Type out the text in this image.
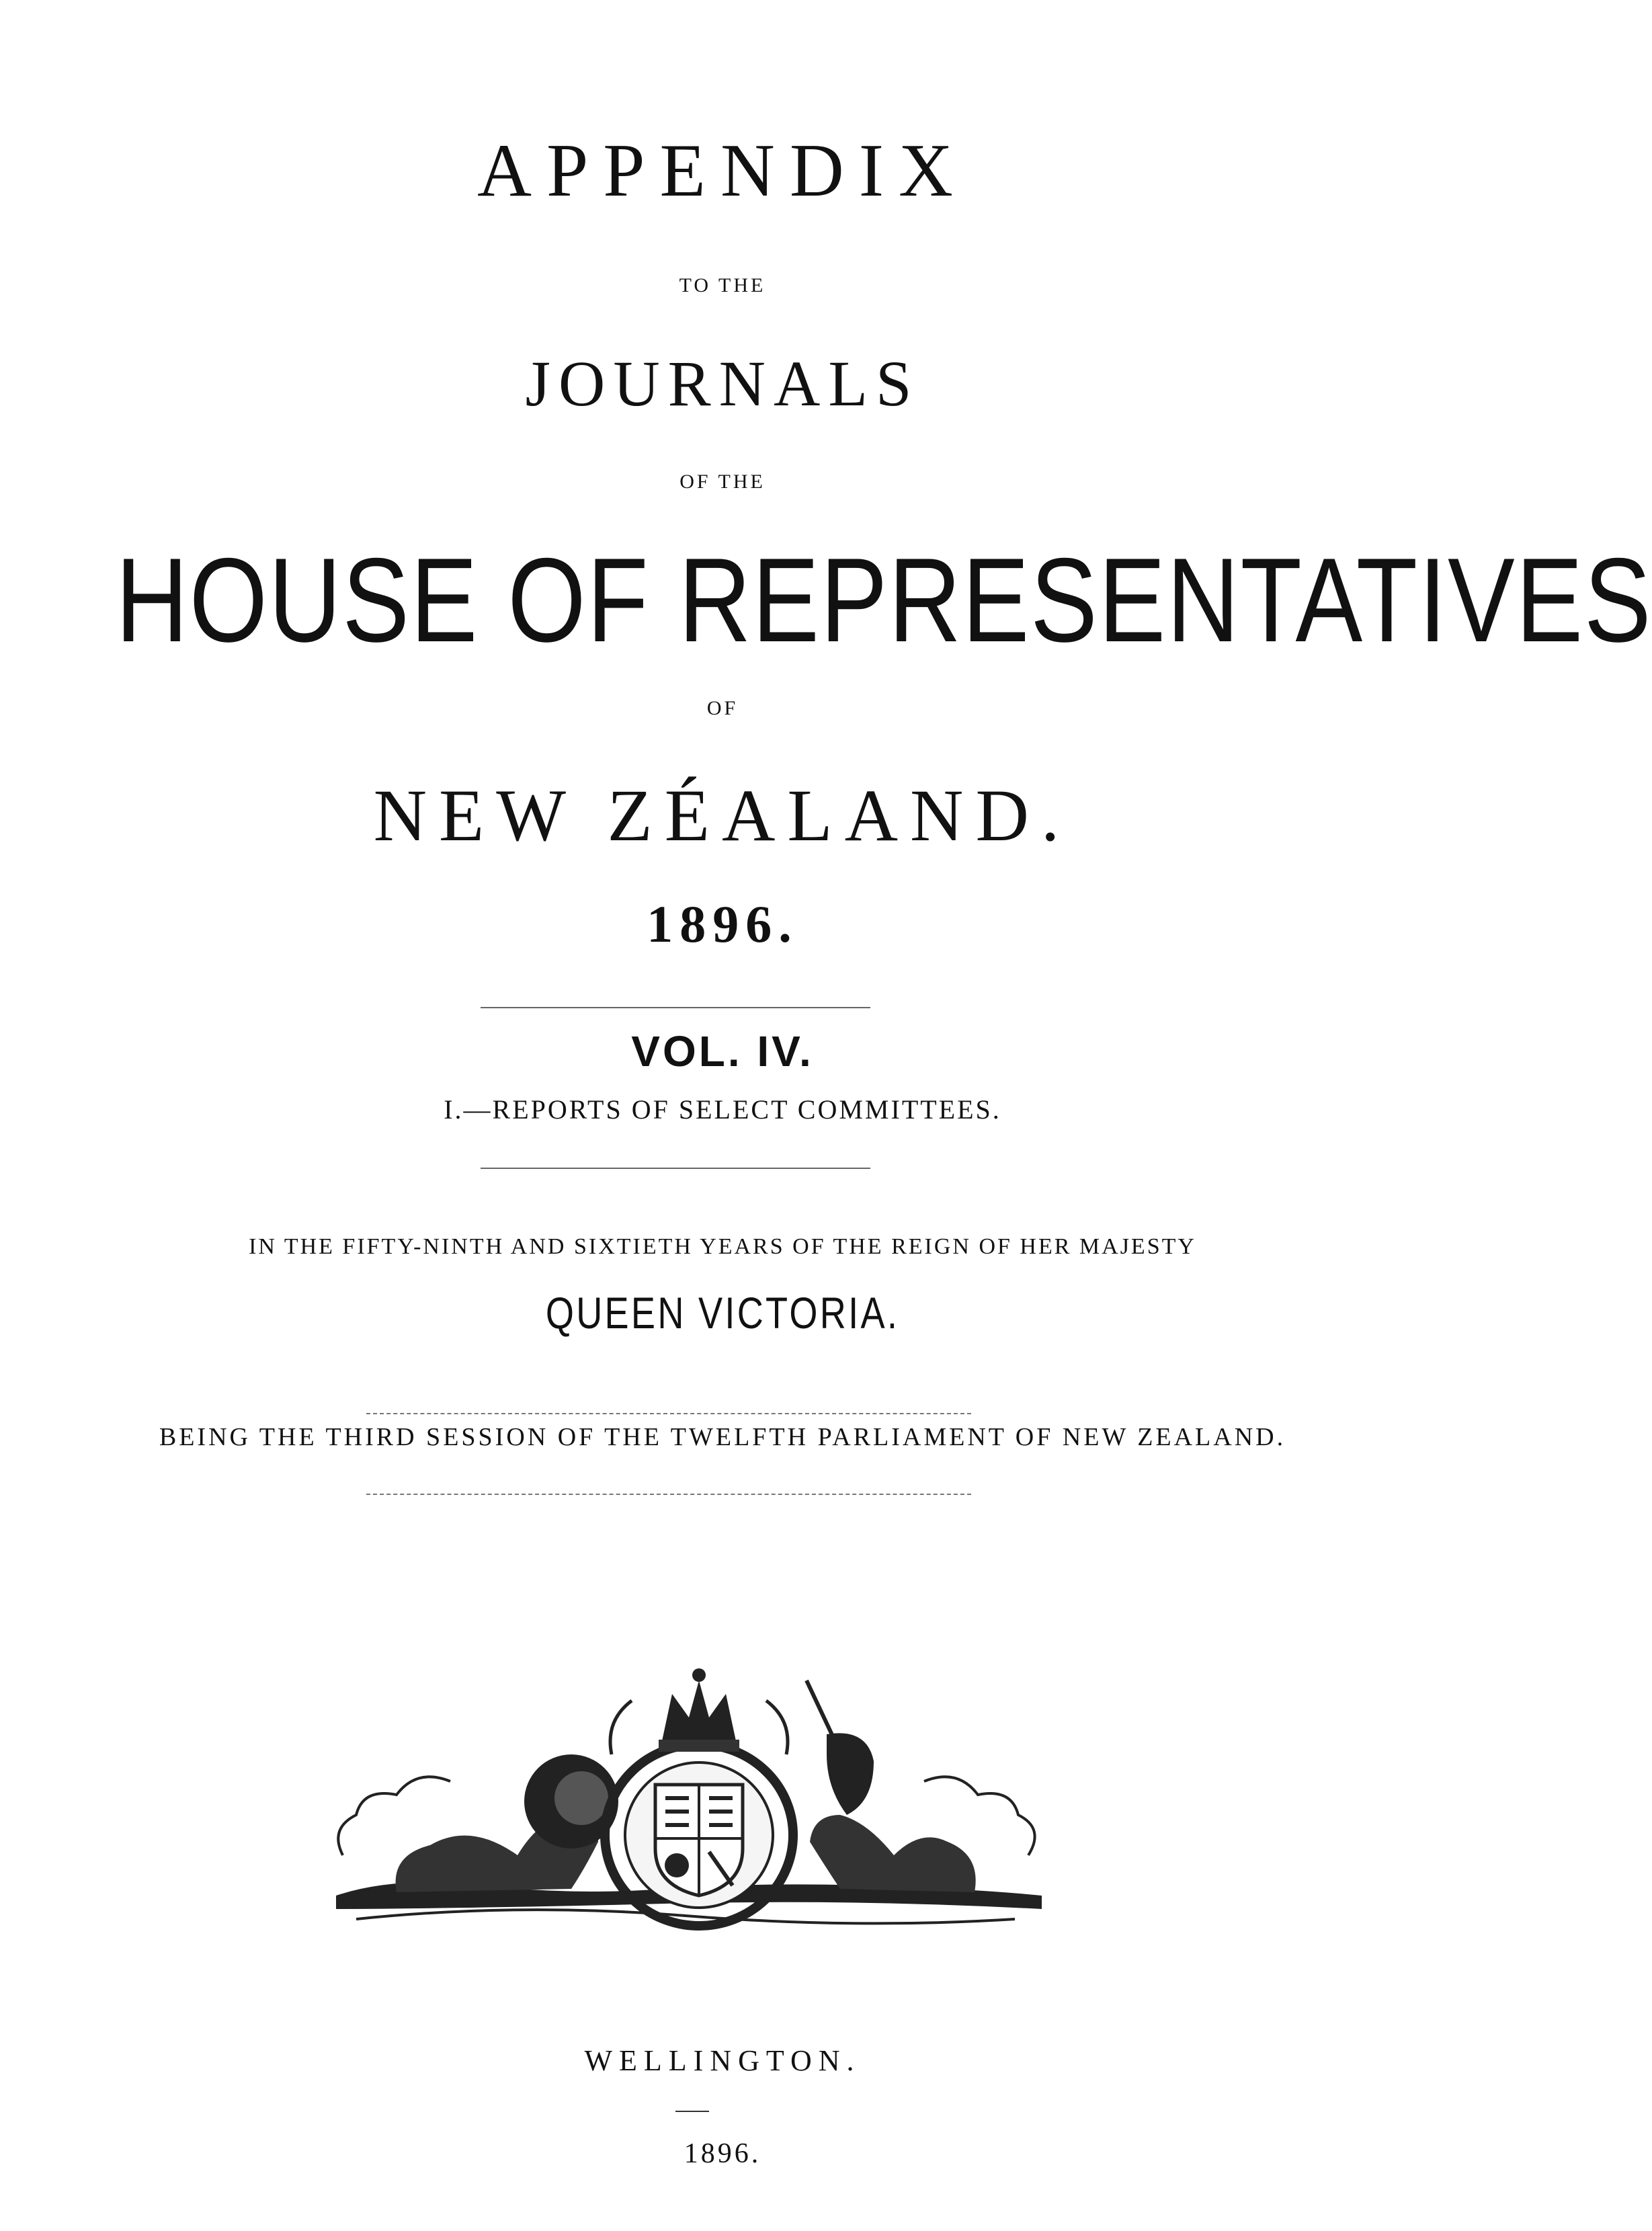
APPENDIX
TO THE
JOURNALS
OF THE
HOUSE OF REPRESENTATIVES
OF
NEW ZÉALAND.
1896.
VOL. IV.
I.—REPORTS OF SELECT COMMITTEES.
IN THE FIFTY-NINTH AND SIXTIETH YEARS OF THE REIGN OF HER MAJESTY
QUEEN VICTORIA.
BEING THE THIRD SESSION OF THE TWELFTH PARLIAMENT OF NEW ZEALAND.
WELLINGTON.
1896.
